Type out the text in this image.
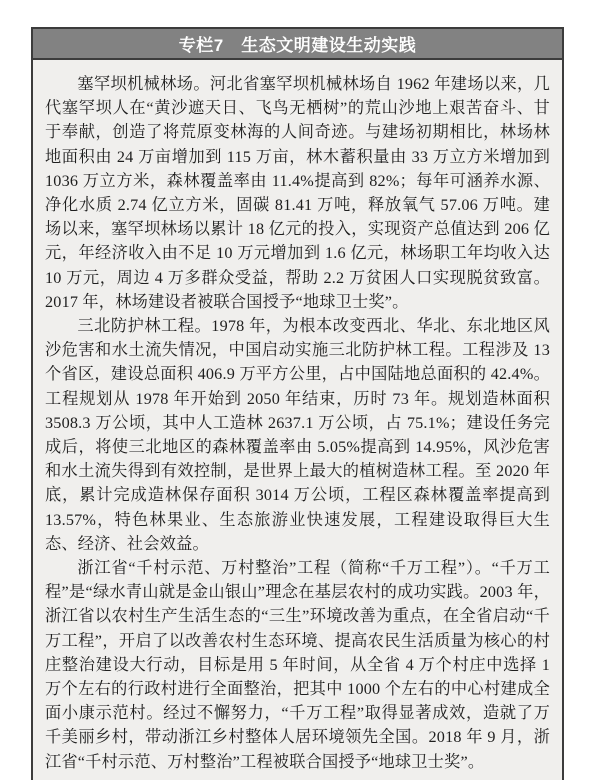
专栏7　生态文明建设生动实践

塞罕坝机械林场。河北省塞罕坝机械林场自 1962 年建场以来，几代塞罕坝人在“黄沙遮天日、飞鸟无栖树”的荒山沙地上艰苦奋斗、甘于奉献，创造了将荒原变林海的人间奇迹。与建场初期相比，林场林地面积由 24 万亩增加到 115 万亩，林木蓄积量由 33 万立方米增加到 1036 万立方米，森林覆盖率由 11.4%提高到 82%；每年可涵养水源、净化水质 2.74 亿立方米，固碳 81.41 万吨，释放氧气 57.06 万吨。建场以来，塞罕坝林场以累计 18 亿元的投入，实现资产总值达到 206 亿元，年经济收入由不足 10 万元增加到 1.6 亿元，林场职工年均收入达 10 万元，周边 4 万多群众受益，帮助 2.2 万贫困人口实现脱贫致富。2017 年，林场建设者被联合国授予“地球卫士奖”。

三北防护林工程。1978 年，为根本改变西北、华北、东北地区风沙危害和水土流失情况，中国启动实施三北防护林工程。工程涉及 13 个省区，建设总面积 406.9 万平方公里，占中国陆地总面积的 42.4%。工程规划从 1978 年开始到 2050 年结束，历时 73 年。规划造林面积 3508.3 万公顷，其中人工造林 2637.1 万公顷，占 75.1%；建设任务完成后，将使三北地区的森林覆盖率由 5.05%提高到 14.95%，风沙危害和水土流失得到有效控制，是世界上最大的植树造林工程。至 2020 年底，累计完成造林保存面积 3014 万公顷，工程区森林覆盖率提高到 13.57%，特色林果业、生态旅游业快速发展，工程建设取得巨大生态、经济、社会效益。

浙江省“千村示范、万村整治”工程（简称“千万工程”）。“千万工程”是“绿水青山就是金山银山”理念在基层农村的成功实践。2003 年，浙江省以农村生产生活生态的“三生”环境改善为重点，在全省启动“千万工程”，开启了以改善农村生态环境、提高农民生活质量为核心的村庄整治建设大行动，目标是用 5 年时间，从全省 4 万个村庄中选择 1 万个左右的行政村进行全面整治，把其中 1000 个左右的中心村建成全面小康示范村。经过不懈努力，“千万工程”取得显著成效，造就了万千美丽乡村，带动浙江乡村整体人居环境领先全国。2018 年 9 月，浙江省“千村示范、万村整治”工程被联合国授予“地球卫士奖”。
